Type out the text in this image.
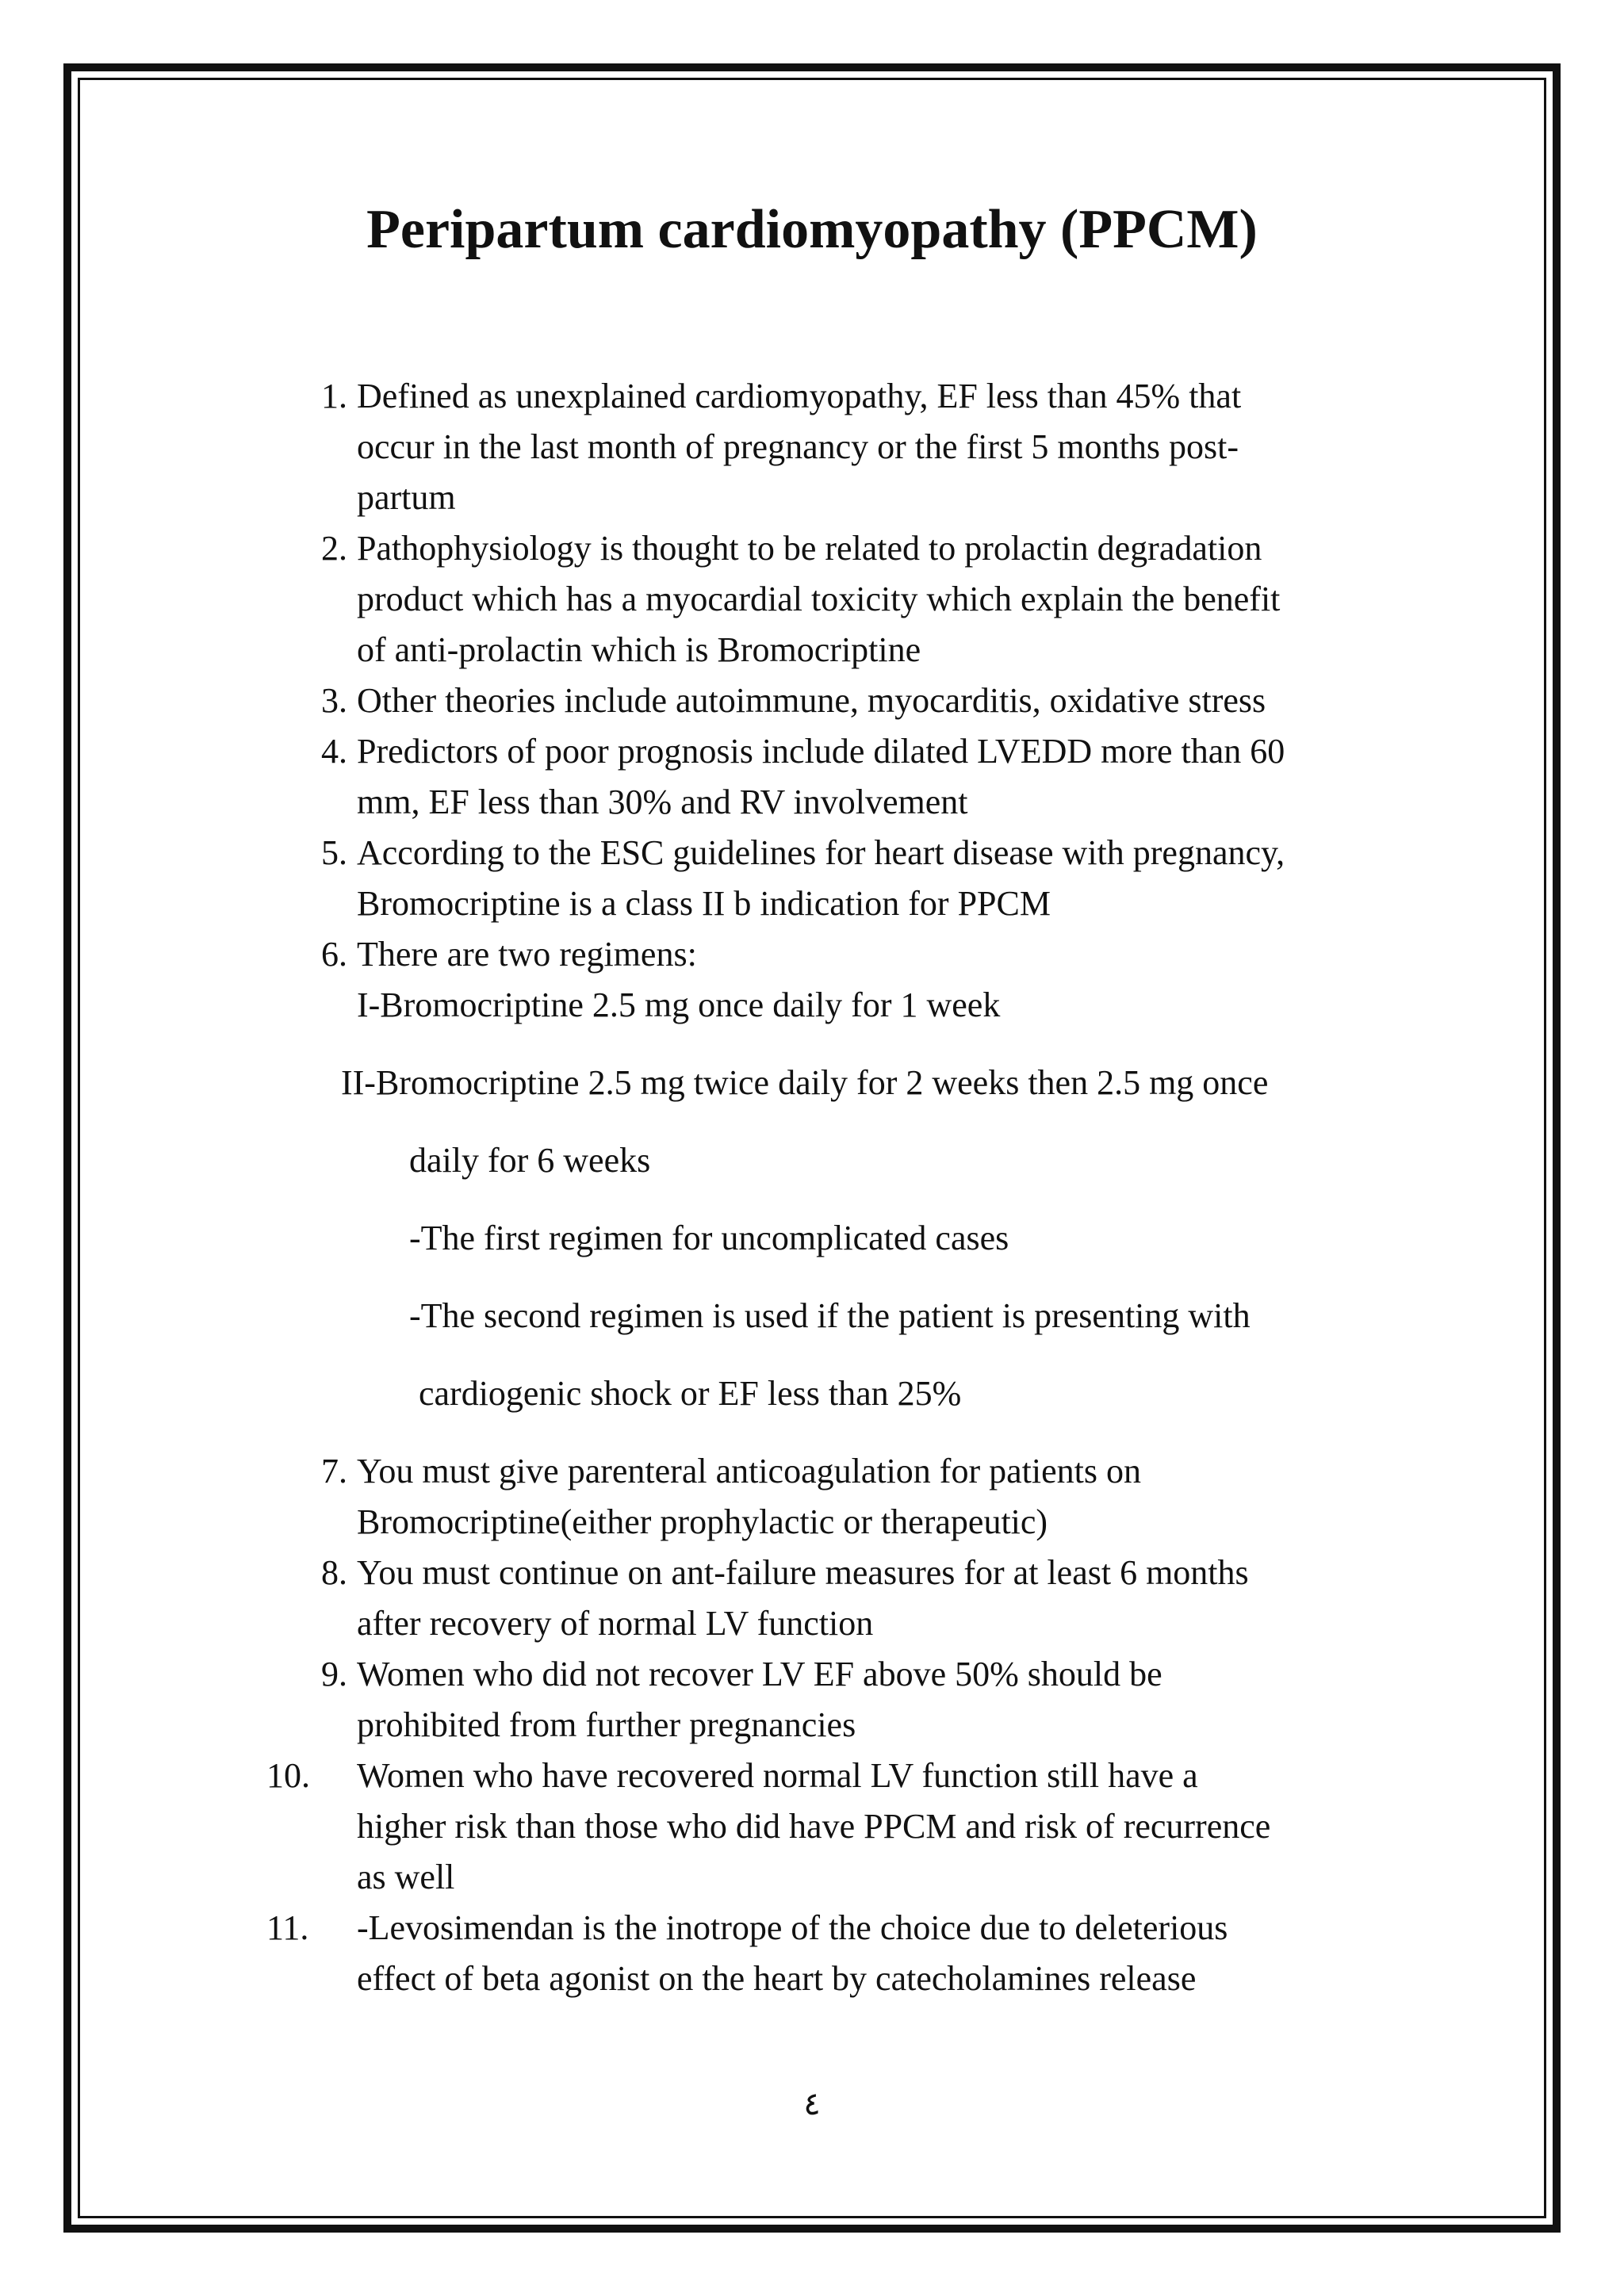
Peripartum cardiomyopathy (PPCM)
1. Defined as unexplained cardiomyopathy, EF less than 45% that
occur in the last month of pregnancy or the first 5 months post-
partum
2. Pathophysiology is thought to be related to prolactin degradation
product which has a myocardial toxicity which explain the benefit
of anti-prolactin which is Bromocriptine
3. Other theories include autoimmune, myocarditis, oxidative stress
4. Predictors of poor prognosis include dilated LVEDD more than 60
mm, EF less than 30% and RV involvement
5. According to the ESC guidelines for heart disease with pregnancy,
Bromocriptine is a class II b indication for PPCM
6. There are two regimens:
I-Bromocriptine 2.5 mg once daily for 1 week
II-Bromocriptine 2.5 mg twice daily for 2 weeks then 2.5 mg once
daily for 6 weeks
-The first regimen for uncomplicated cases
-The second regimen is used if the patient is presenting with
cardiogenic shock or EF less than 25%
7. You must give parenteral anticoagulation for patients on
Bromocriptine(either prophylactic or therapeutic)
8. You must continue on ant-failure measures for at least 6 months
after recovery of normal LV function
9. Women who did not recover LV EF above 50% should be
prohibited from further pregnancies
10.	Women who have recovered normal LV function still have a
higher risk than those who did have PPCM and risk of recurrence
as well
11.	-Levosimendan is the inotrope of the choice due to deleterious
effect of beta agonist on the heart by catecholamines release
٤
